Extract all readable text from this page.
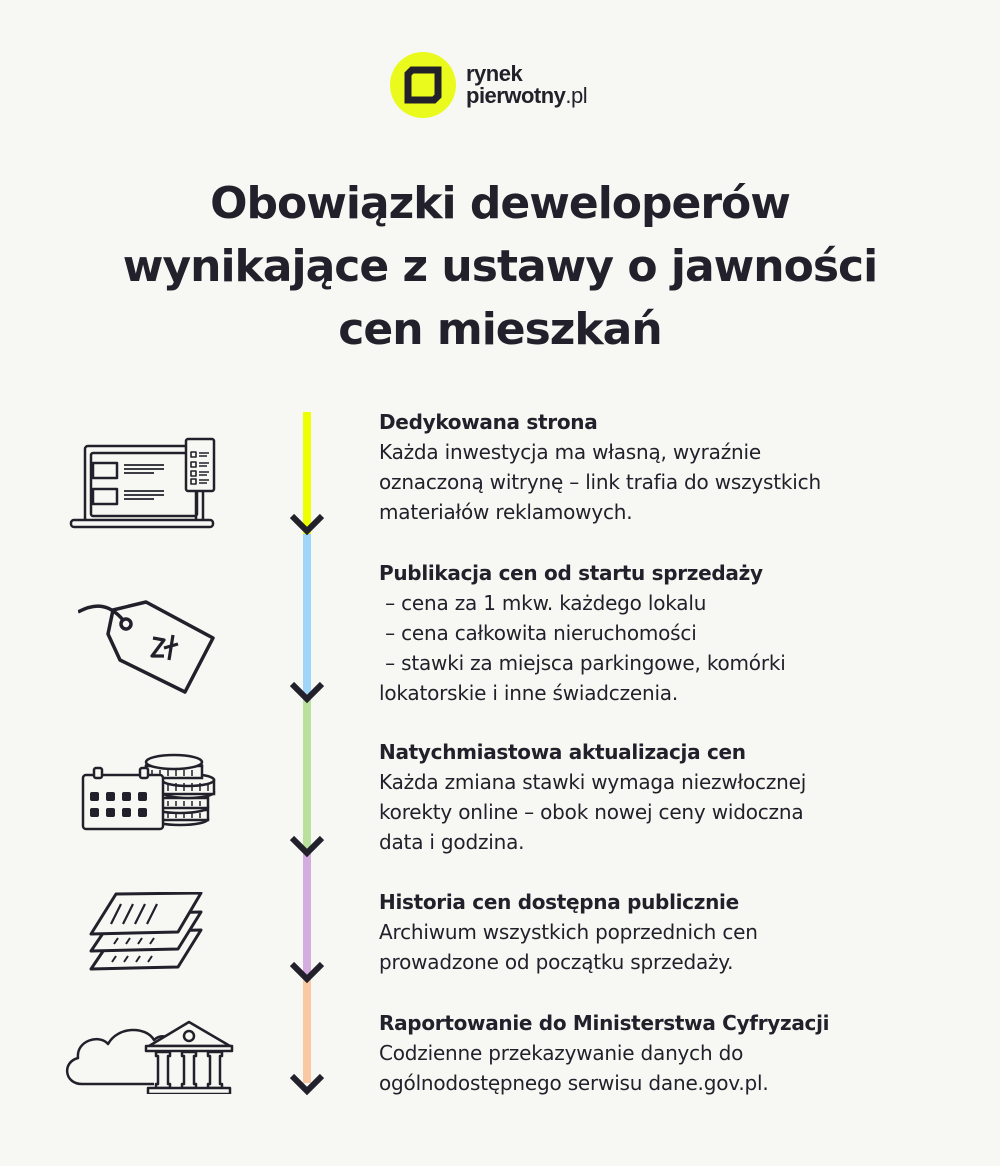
rynek
pierwotny.pl
Obowiązki deweloperów
wynikające z ustawy o jawności
cen mieszkań
Dedykowana strona
Każda inwestycja ma własną, wyraźnie
oznaczoną witrynę – link trafia do wszystkich
materiałów reklamowych.
Publikacja cen od startu sprzedaży
– cena za 1 mkw. każdego lokalu
– cena całkowita nieruchomości
– stawki za miejsca parkingowe, komórki
lokatorskie i inne świadczenia.
Natychmiastowa aktualizacja cen
Każda zmiana stawki wymaga niezwłocznej
korekty online – obok nowej ceny widoczna
data i godzina.
Historia cen dostępna publicznie
Archiwum wszystkich poprzednich cen
prowadzone od początku sprzedaży.
Raportowanie do Ministerstwa Cyfryzacji
Codzienne przekazywanie danych do
ogólnodostępnego serwisu dane.gov.pl.
